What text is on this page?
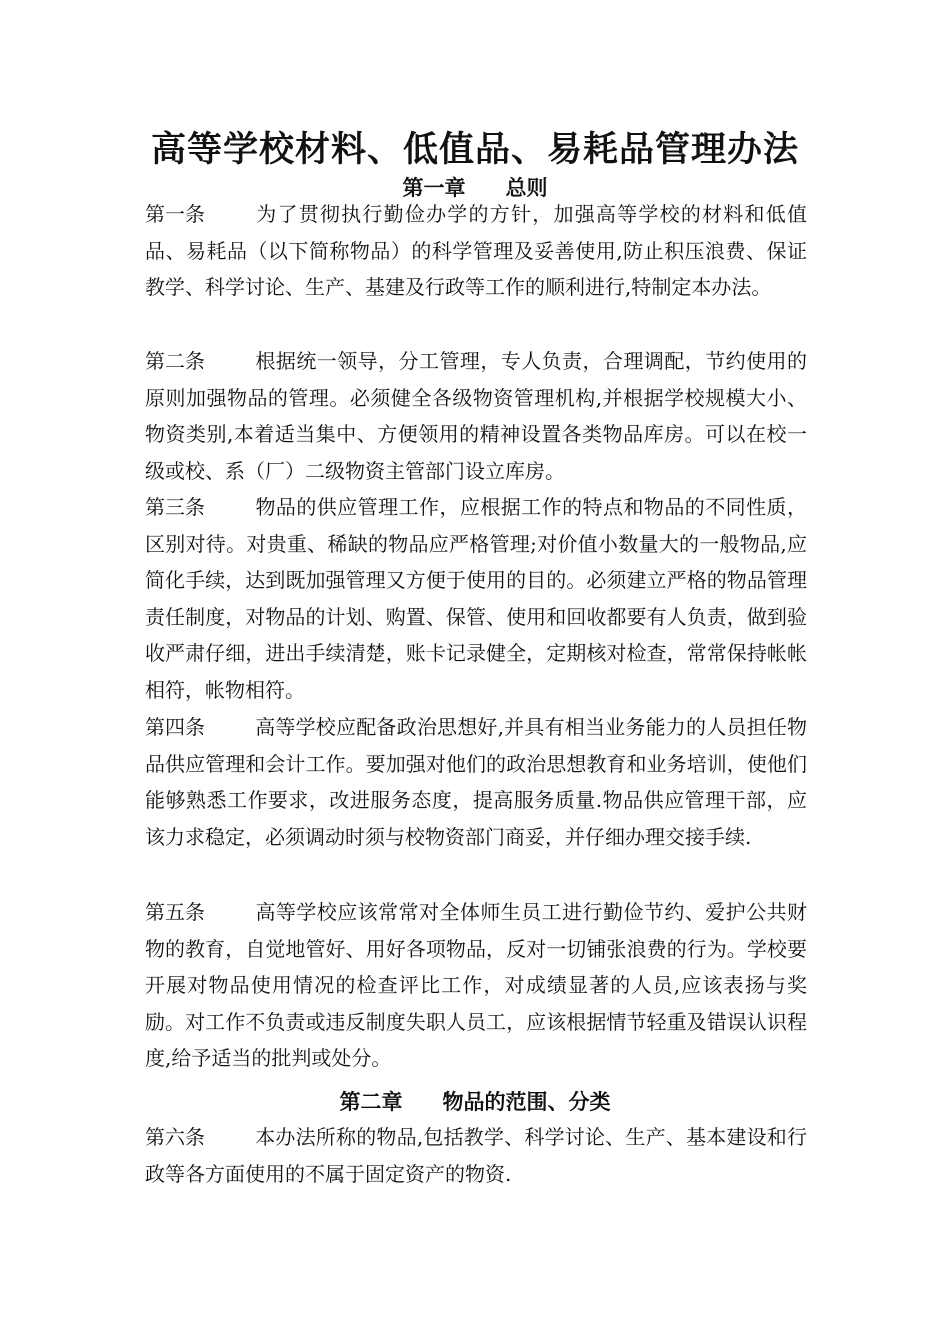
高等学校材料、低值品、易耗品管理办法
第一章 总则
第一条	为了贯彻执行勤俭办学的方针，加强高等学校的材料和低值品、易耗品（以下简称物品）的科学管理及妥善使用,防止积压浪费、保证教学、科学讨论、生产、基建及行政等工作的顺利进行,特制定本办法。
第二条	根据统一领导，分工管理，专人负责，合理调配，节约使用的原则加强物品的管理。必须健全各级物资管理机构,并根据学校规模大小、物资类别,本着适当集中、方便领用的精神设置各类物品库房。可以在校一级或校、系（厂）二级物资主管部门设立库房。
第三条	物品的供应管理工作，应根据工作的特点和物品的不同性质，区别对待。对贵重、稀缺的物品应严格管理;对价值小数量大的一般物品,应简化手续，达到既加强管理又方便于使用的目的。必须建立严格的物品管理责任制度，对物品的计划、购置、保管、使用和回收都要有人负责，做到验收严肃仔细，进出手续清楚，账卡记录健全，定期核对检查，常常保持帐帐相符，帐物相符。
第四条	高等学校应配备政治思想好,并具有相当业务能力的人员担任物品供应管理和会计工作。要加强对他们的政治思想教育和业务培训，使他们能够熟悉工作要求，改进服务态度，提高服务质量.物品供应管理干部，应该力求稳定，必须调动时须与校物资部门商妥，并仔细办理交接手续.
第五条	高等学校应该常常对全体师生员工进行勤俭节约、爱护公共财物的教育，自觉地管好、用好各项物品，反对一切铺张浪费的行为。学校要开展对物品使用情况的检查评比工作，对成绩显著的人员,应该表扬与奖励。对工作不负责或违反制度失职人员工，应该根据情节轻重及错误认识程度,给予适当的批判或处分。
第二章 物品的范围、分类
第六条	本办法所称的物品,包括教学、科学讨论、生产、基本建设和行政等各方面使用的不属于固定资产的物资.
